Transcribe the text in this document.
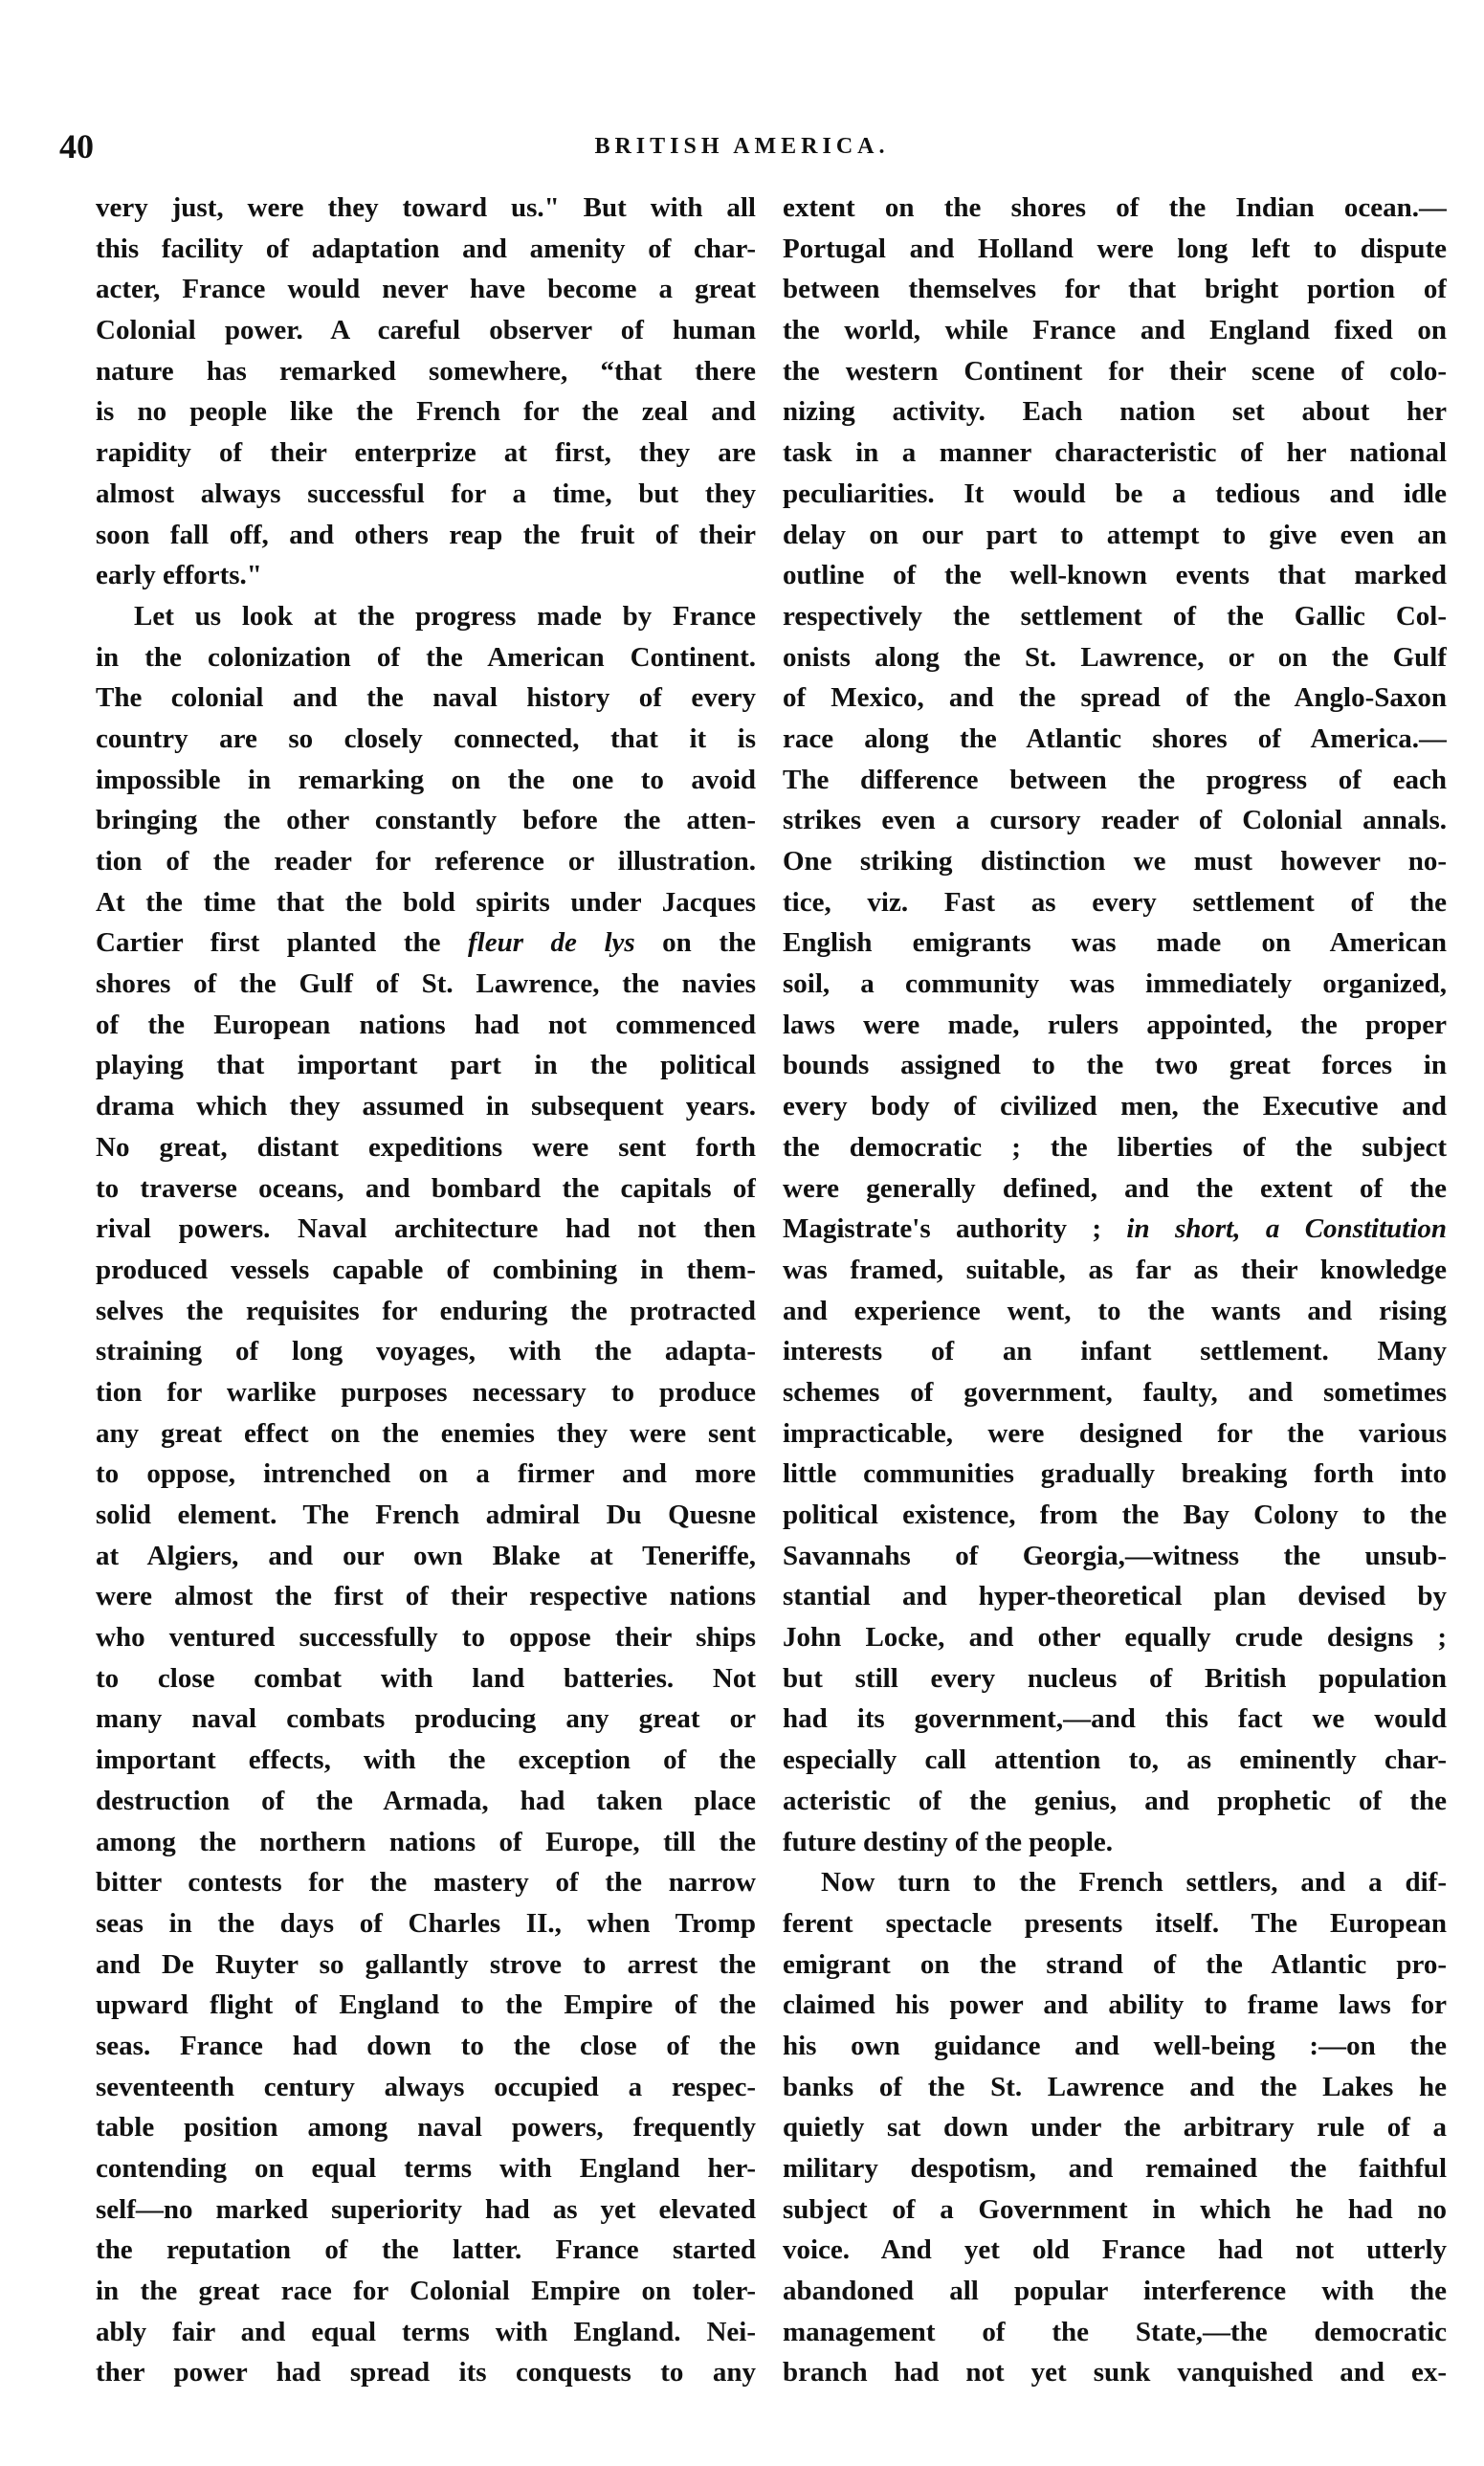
40	BRITISH AMERICA.
very just, were they toward us." But with all
this facility of adaptation and amenity of char-
acter, France would never have become a great
Colonial power. A careful observer of human
nature has remarked somewhere, “that there
is no people like the French for the zeal and
rapidity of their enterprize at first, they are
almost always successful for a time, but they
soon fall off, and others reap the fruit of their
early efforts."
Let us look at the progress made by France
in the colonization of the American Continent.
The colonial and the naval history of every
country are so closely connected, that it is
impossible in remarking on the one to avoid
bringing the other constantly before the atten-
tion of the reader for reference or illustration.
At the time that the bold spirits under Jacques
Cartier first planted the fleur de lys on the
shores of the Gulf of St. Lawrence, the navies
of the European nations had not commenced
playing that important part in the political
drama which they assumed in subsequent years.
No great, distant expeditions were sent forth
to traverse oceans, and bombard the capitals of
rival powers. Naval architecture had not then
produced vessels capable of combining in them-
selves the requisites for enduring the protracted
straining of long voyages, with the adapta-
tion for warlike purposes necessary to produce
any great effect on the enemies they were sent
to oppose, intrenched on a firmer and more
solid element. The French admiral Du Quesne
at Algiers, and our own Blake at Teneriffe,
were almost the first of their respective nations
who ventured successfully to oppose their ships
to close combat with land batteries. Not
many naval combats producing any great or
important effects, with the exception of the
destruction of the Armada, had taken place
among the northern nations of Europe, till the
bitter contests for the mastery of the narrow
seas in the days of Charles II., when Tromp
and De Ruyter so gallantly strove to arrest the
upward flight of England to the Empire of the
seas. France had down to the close of the
seventeenth century always occupied a respec-
table position among naval powers, frequently
contending on equal terms with England her-
self—no marked superiority had as yet elevated
the reputation of the latter. France started
in the great race for Colonial Empire on toler-
ably fair and equal terms with England. Nei-
ther power had spread its conquests to any
extent on the shores of the Indian ocean.—
Portugal and Holland were long left to dispute
between themselves for that bright portion of
the world, while France and England fixed on
the western Continent for their scene of colo-
nizing activity. Each nation set about her
task in a manner characteristic of her national
peculiarities. It would be a tedious and idle
delay on our part to attempt to give even an
outline of the well-known events that marked
respectively the settlement of the Gallic Col-
onists along the St. Lawrence, or on the Gulf
of Mexico, and the spread of the Anglo-Saxon
race along the Atlantic shores of America.—
The difference between the progress of each
strikes even a cursory reader of Colonial annals.
One striking distinction we must however no-
tice, viz. Fast as every settlement of the
English emigrants was made on American
soil, a community was immediately organized,
laws were made, rulers appointed, the proper
bounds assigned to the two great forces in
every body of civilized men, the Executive and
the democratic ; the liberties of the subject
were generally defined, and the extent of the
Magistrate's authority ; in short, a Constitution
was framed, suitable, as far as their knowledge
and experience went, to the wants and rising
interests of an infant settlement. Many
schemes of government, faulty, and sometimes
impracticable, were designed for the various
little communities gradually breaking forth into
political existence, from the Bay Colony to the
Savannahs of Georgia,—witness the unsub-
stantial and hyper-theoretical plan devised by
John Locke, and other equally crude designs ;
but still every nucleus of British population
had its government,—and this fact we would
especially call attention to, as eminently char-
acteristic of the genius, and prophetic of the
future destiny of the people.
Now turn to the French settlers, and a dif-
ferent spectacle presents itself. The European
emigrant on the strand of the Atlantic pro-
claimed his power and ability to frame laws for
his own guidance and well-being :—on the
banks of the St. Lawrence and the Lakes he
quietly sat down under the arbitrary rule of a
military despotism, and remained the faithful
subject of a Government in which he had no
voice. And yet old France had not utterly
abandoned all popular interference with the
management of the State,—the democratic
branch had not yet sunk vanquished and ex-
